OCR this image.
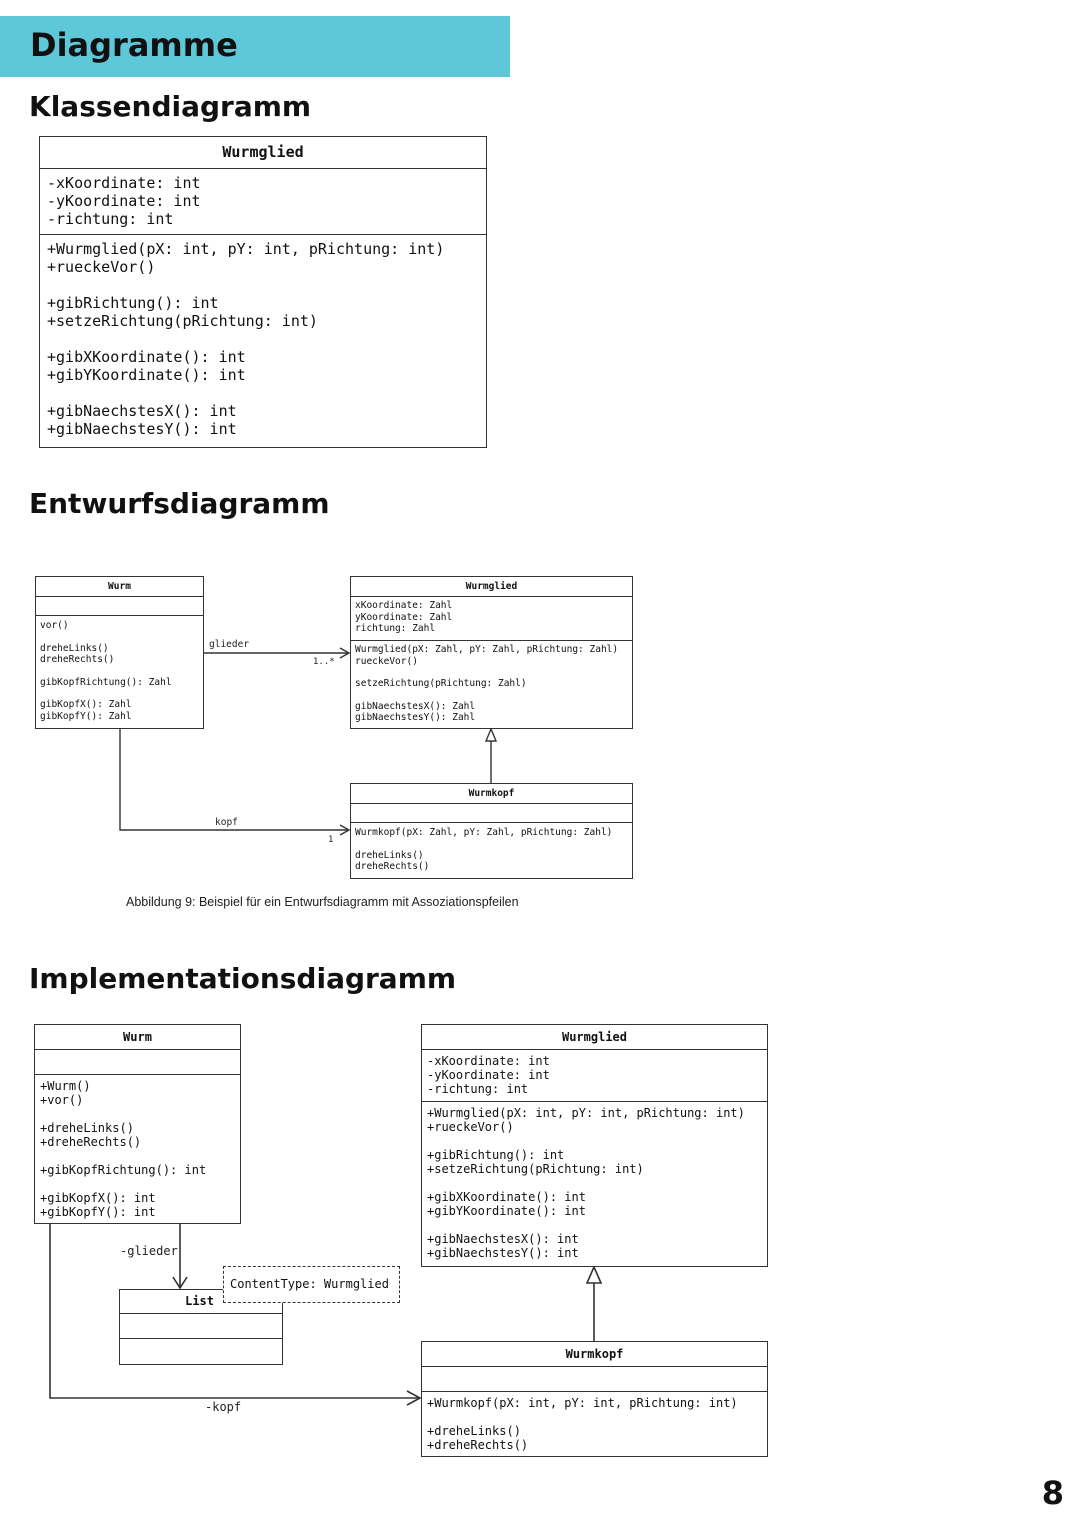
Diagramme
Klassendiagramm
Wurmglied
-xKoordinate: int
-yKoordinate: int
-richtung: int
+Wurmglied(pX: int, pY: int, pRichtung: int)
+rueckeVor()
+gibRichtung(): int
+setzeRichtung(pRichtung: int)
+gibXKoordinate(): int
+gibYKoordinate(): int
+gibNaechstesX(): int
+gibNaechstesY(): int
Entwurfsdiagramm
Wurm
vor()
dreheLinks()
dreheRechts()
gibKopfRichtung(): Zahl
gibKopfX(): Zahl
gibKopfY(): Zahl
Wurmglied
xKoordinate: Zahl
yKoordinate: Zahl
richtung: Zahl
Wurmglied(pX: Zahl, pY: Zahl, pRichtung: Zahl)
rueckeVor()
setzeRichtung(pRichtung: Zahl)
gibNaechstesX(): Zahl
gibNaechstesY(): Zahl
Wurmkopf
Wurmkopf(pX: Zahl, pY: Zahl, pRichtung: Zahl)
dreheLinks()
dreheRechts()
glieder
1..*
kopf
1
Abbildung 9: Beispiel für ein Entwurfsdiagramm mit Assoziationspfeilen
Implementationsdiagramm
Wurm
+Wurm()
+vor()
+dreheLinks()
+dreheRechts()
+gibKopfRichtung(): int
+gibKopfX(): int
+gibKopfY(): int
Wurmglied
-xKoordinate: int
-yKoordinate: int
-richtung: int
+Wurmglied(pX: int, pY: int, pRichtung: int)
+rueckeVor()
+gibRichtung(): int
+setzeRichtung(pRichtung: int)
+gibXKoordinate(): int
+gibYKoordinate(): int
+gibNaechstesX(): int
+gibNaechstesY(): int
Wurmkopf
+Wurmkopf(pX: int, pY: int, pRichtung: int)
+dreheLinks()
+dreheRechts()
List
ContentType: Wurmglied
-glieder
-kopf
8
